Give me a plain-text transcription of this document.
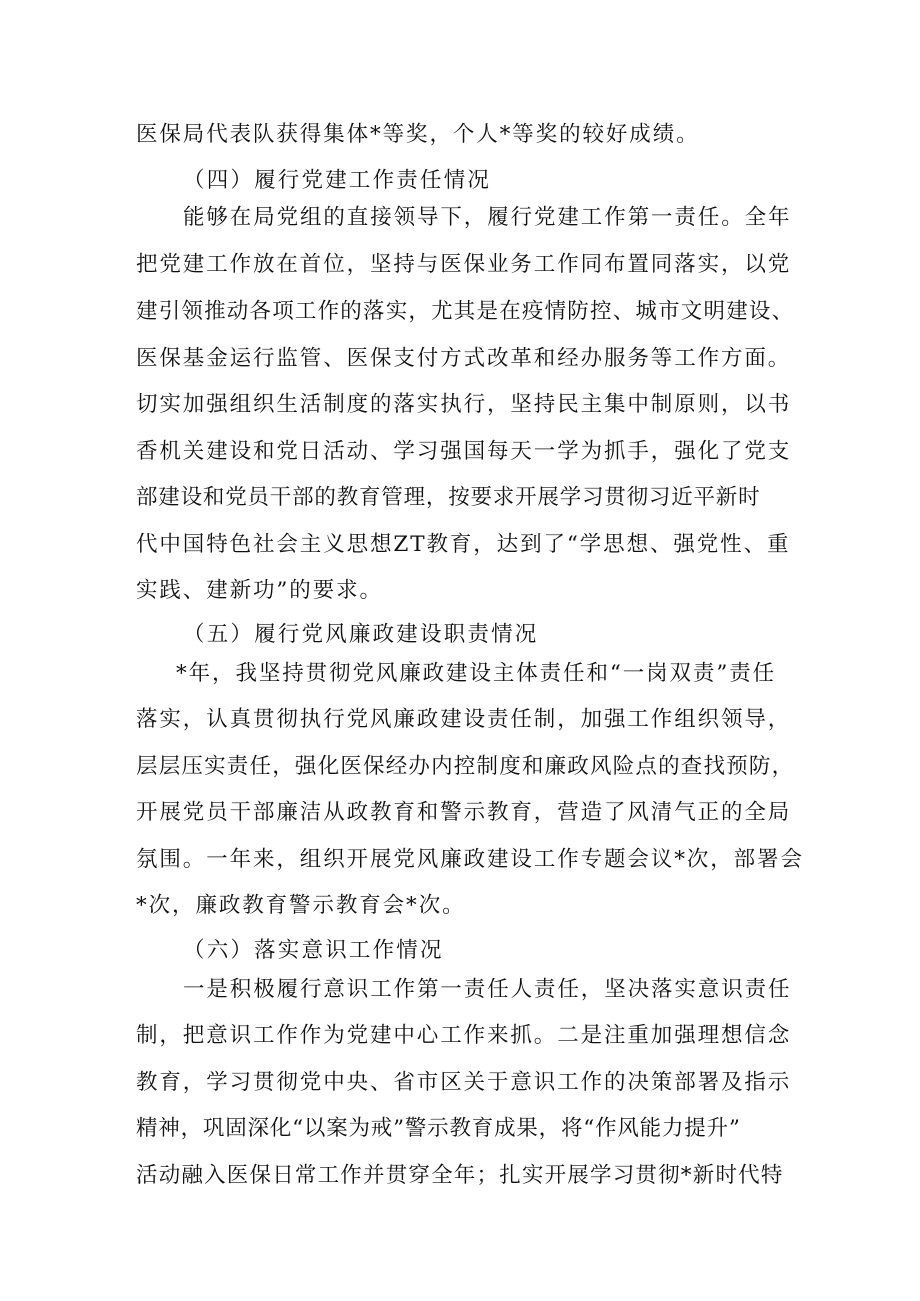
医保局代表队获得集体*等奖，个人*等奖的较好成绩。
（四）履行党建工作责任情况
能够在局党组的直接领导下，履行党建工作第一责任。全年
把党建工作放在首位，坚持与医保业务工作同布置同落实，以党
建引领推动各项工作的落实，尤其是在疫情防控、城市文明建设、
医保基金运行监管、医保支付方式改革和经办服务等工作方面。
切实加强组织生活制度的落实执行，坚持民主集中制原则，以书
香机关建设和党日活动、学习强国每天一学为抓手，强化了党支
部建设和党员干部的教育管理，按要求开展学习贯彻习近平新时
代中国特色社会主义思想ZT教育，达到了“学思想、强党性、重
实践、建新功”的要求。
（五）履行党风廉政建设职责情况
*年，我坚持贯彻党风廉政建设主体责任和“一岗双责”责任
落实，认真贯彻执行党风廉政建设责任制，加强工作组织领导，
层层压实责任，强化医保经办内控制度和廉政风险点的查找预防，
开展党员干部廉洁从政教育和警示教育，营造了风清气正的全局
氛围。一年来，组织开展党风廉政建设工作专题会议*次，部署会
*次，廉政教育警示教育会*次。
（六）落实意识工作情况
一是积极履行意识工作第一责任人责任，坚决落实意识责任
制，把意识工作作为党建中心工作来抓。二是注重加强理想信念
教育，学习贯彻党中央、省市区关于意识工作的决策部署及指示
精神，巩固深化“以案为戒”警示教育成果，将“作风能力提升”
活动融入医保日常工作并贯穿全年；扎实开展学习贯彻*新时代特
